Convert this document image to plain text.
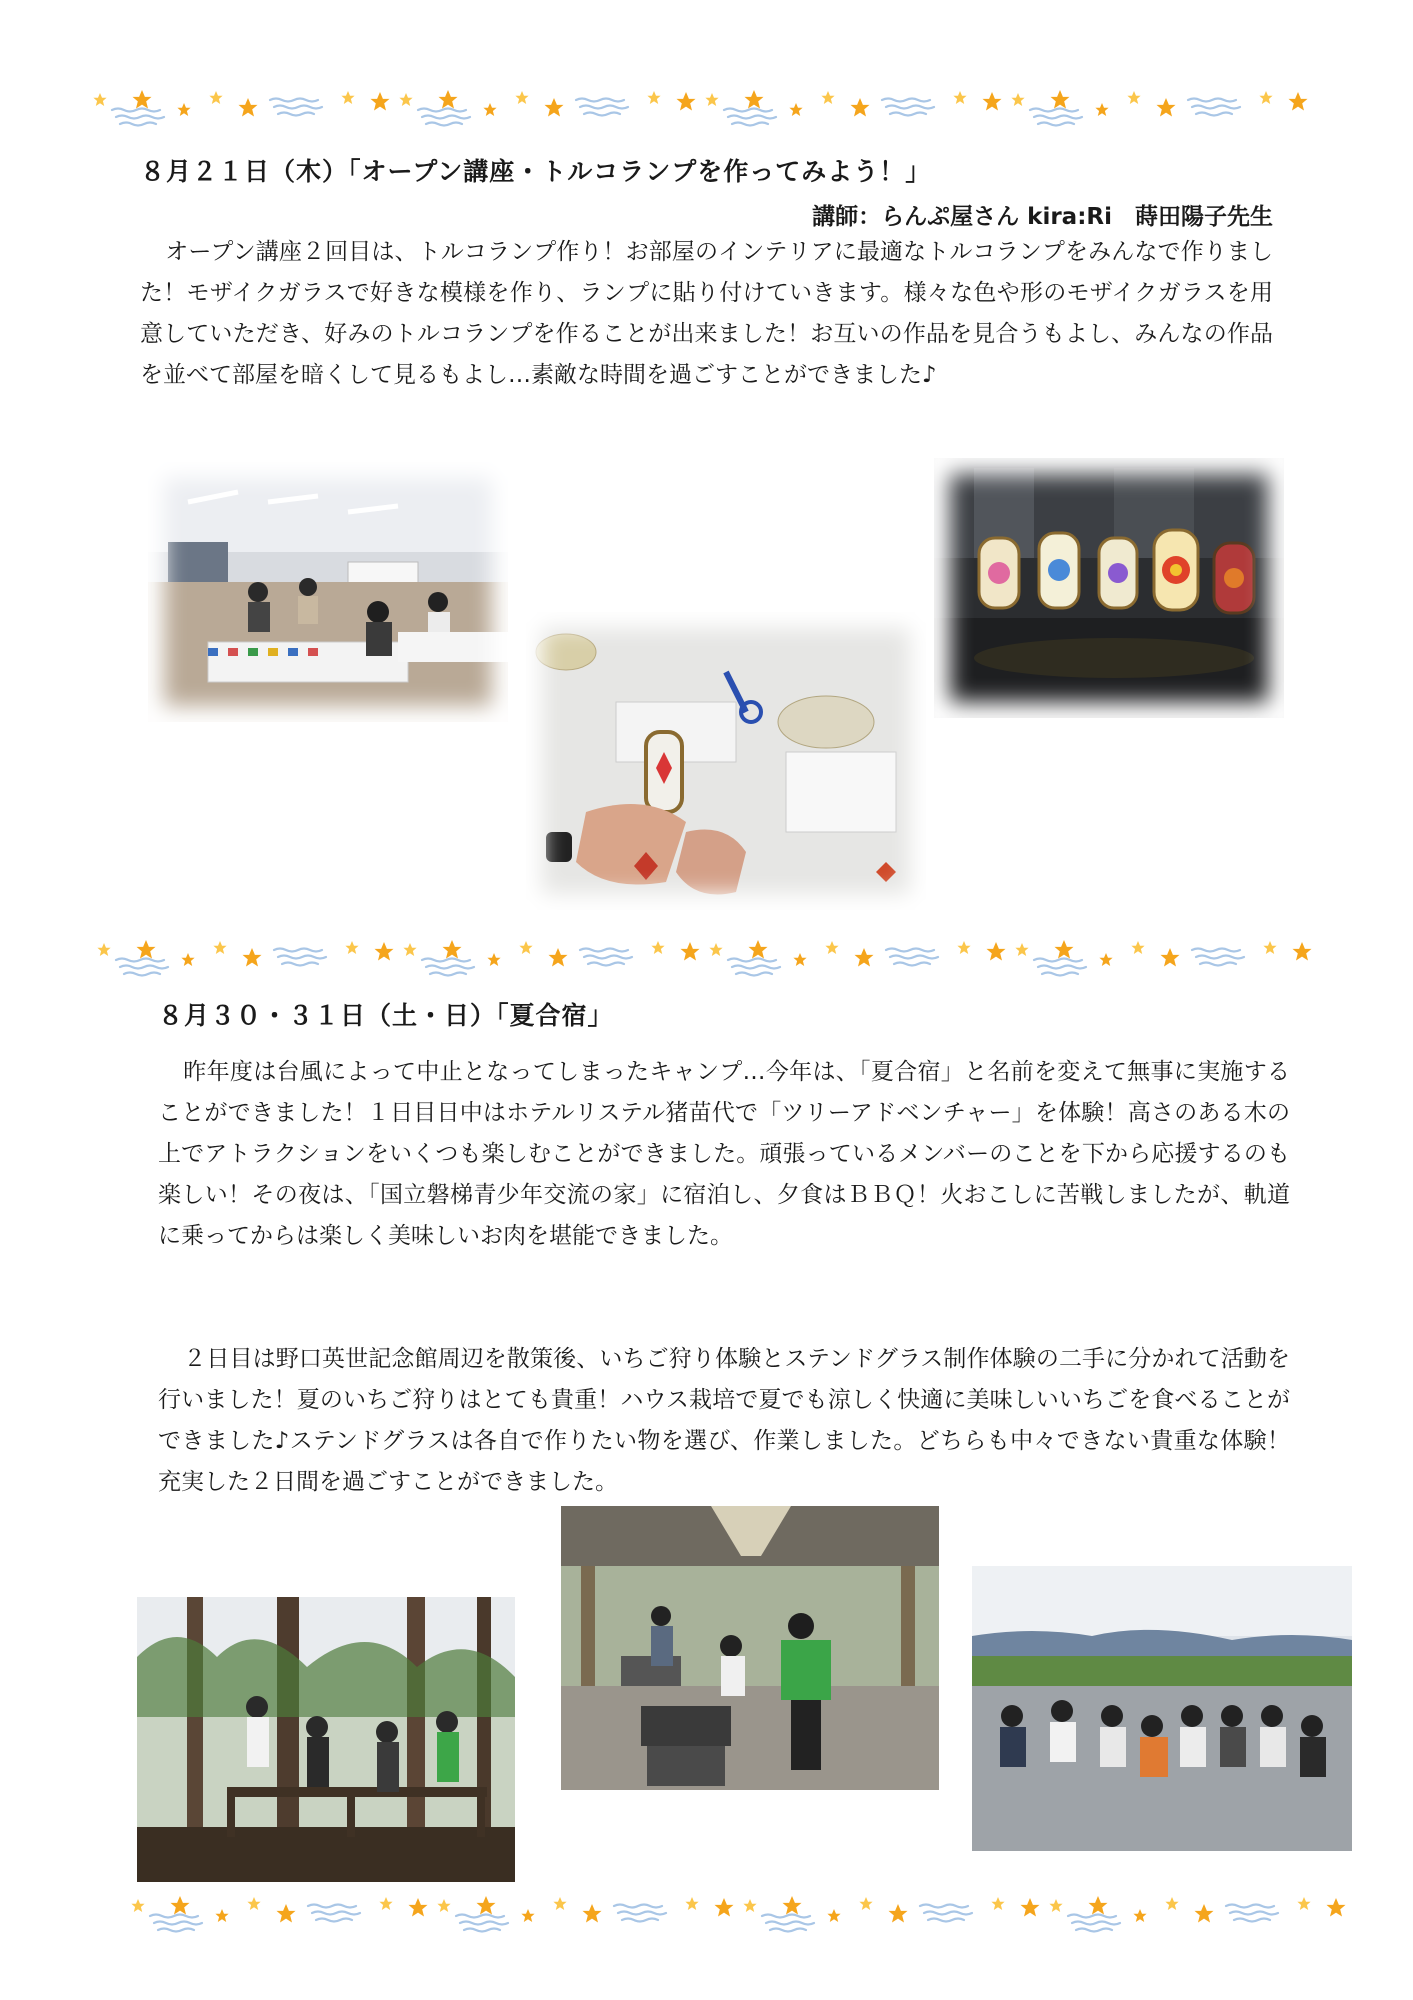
８月２１日（木）「オープン講座・トルコランプを作ってみよう！」
講師：らんぷ屋さん kira:Ri　蒔田陽子先生

オープン講座２回目は、トルコランプ作り！お部屋のインテリアに最適なトルコランプをみんなで作りました！モザイクガラスで好きな模様を作り、ランプに貼り付けていきます。様々な色や形のモザイクガラスを用意していただき、好みのトルコランプを作ることが出来ました！お互いの作品を見合うもよし、みんなの作品を並べて部屋を暗くして見るもよし…素敵な時間を過ごすことができました♪

８月３０・３１日（土・日）「夏合宿」

昨年度は台風によって中止となってしまったキャンプ…今年は、「夏合宿」と名前を変えて無事に実施することができました！１日目日中はホテルリステル猪苗代で「ツリーアドベンチャー」を体験！高さのある木の上でアトラクションをいくつも楽しむことができました。頑張っているメンバーのことを下から応援するのも楽しい！その夜は、「国立磐梯青少年交流の家」に宿泊し、夕食はＢＢＱ！火おこしに苦戦しましたが、軌道に乗ってからは楽しく美味しいお肉を堪能できました。

２日目は野口英世記念館周辺を散策後、いちご狩り体験とステンドグラス制作体験の二手に分かれて活動を行いました！夏のいちご狩りはとても貴重！ハウス栽培で夏でも涼しく快適に美味しいいちごを食べることができました♪ステンドグラスは各自で作りたい物を選び、作業しました。どちらも中々できない貴重な体験！充実した２日間を過ごすことができました。
